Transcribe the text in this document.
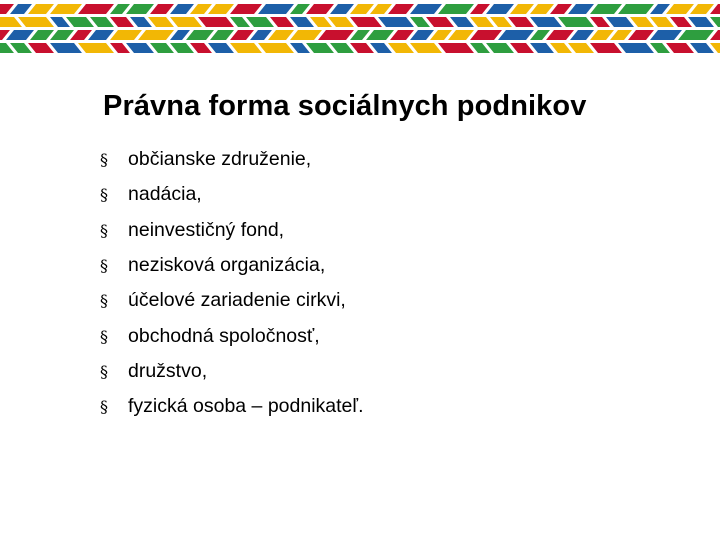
Právna forma sociálnych podnikov
§	občianske združenie,
§	nadácia,
§	neinvestičný fond,
§	nezisková organizácia,
§	účelové zariadenie cirkvi,
§	obchodná spoločnosť,
§	družstvo,
§	fyzická osoba – podnikateľ.
